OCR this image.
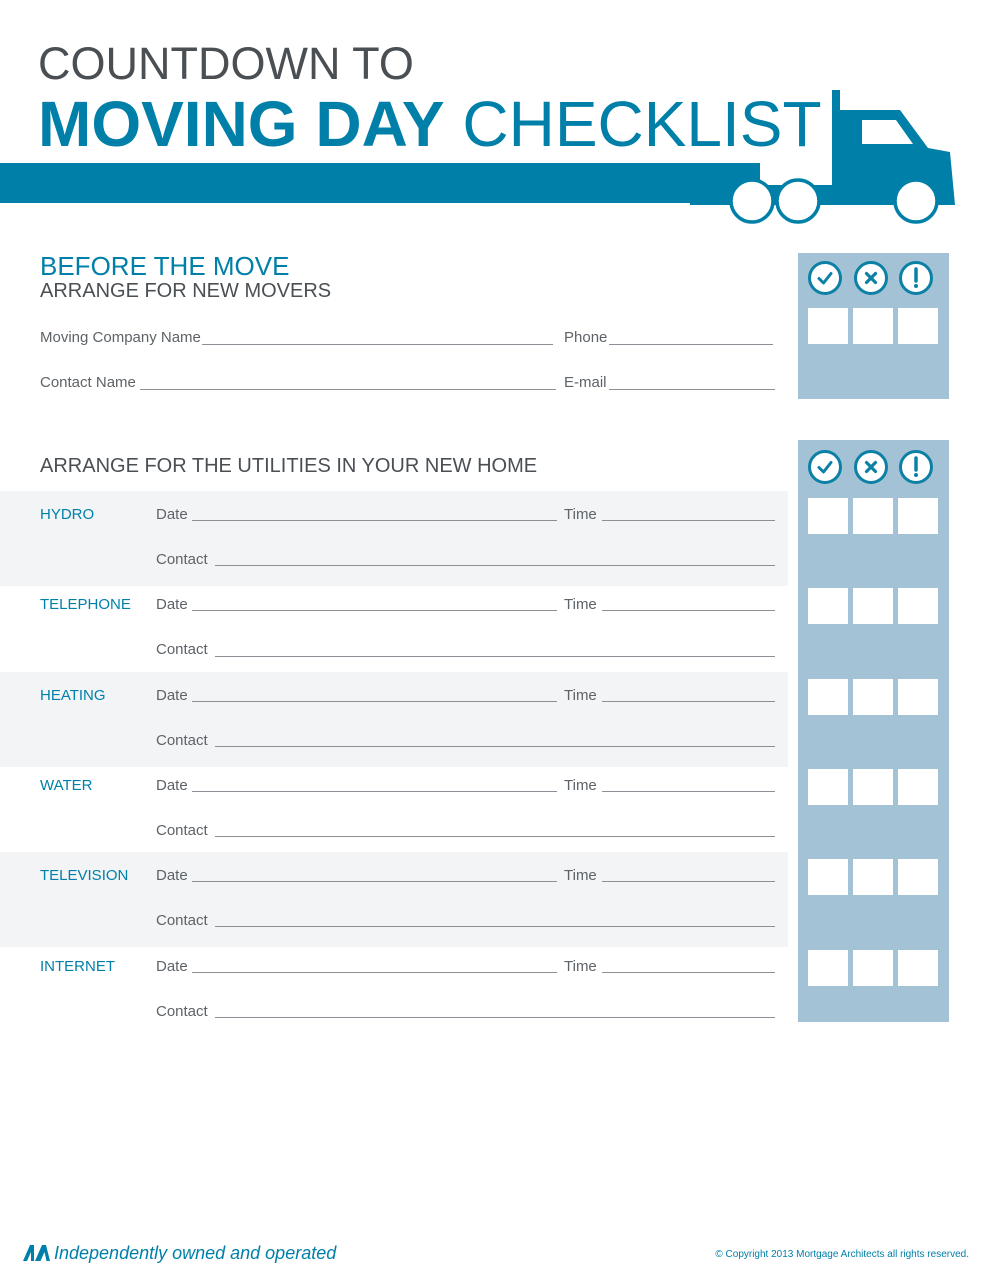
COUNTDOWN TO
MOVING DAY CHECKLIST
BEFORE THE MOVE
ARRANGE FOR NEW MOVERS
Moving Company Name	Phone
Contact Name	E-mail
ARRANGE FOR THE UTILITIES IN YOUR NEW HOME
HYDRO	Date	Time
Contact
TELEPHONE Date	Time
Contact
HEATING	Date	Time
Contact
WATER	Date	Time
Contact
TELEVISION Date	Time
Contact
INTERNET	Date	Time
Contact
Independently owned and operated	© Copyright 2013 Mortgage Architects all rights reserved.
